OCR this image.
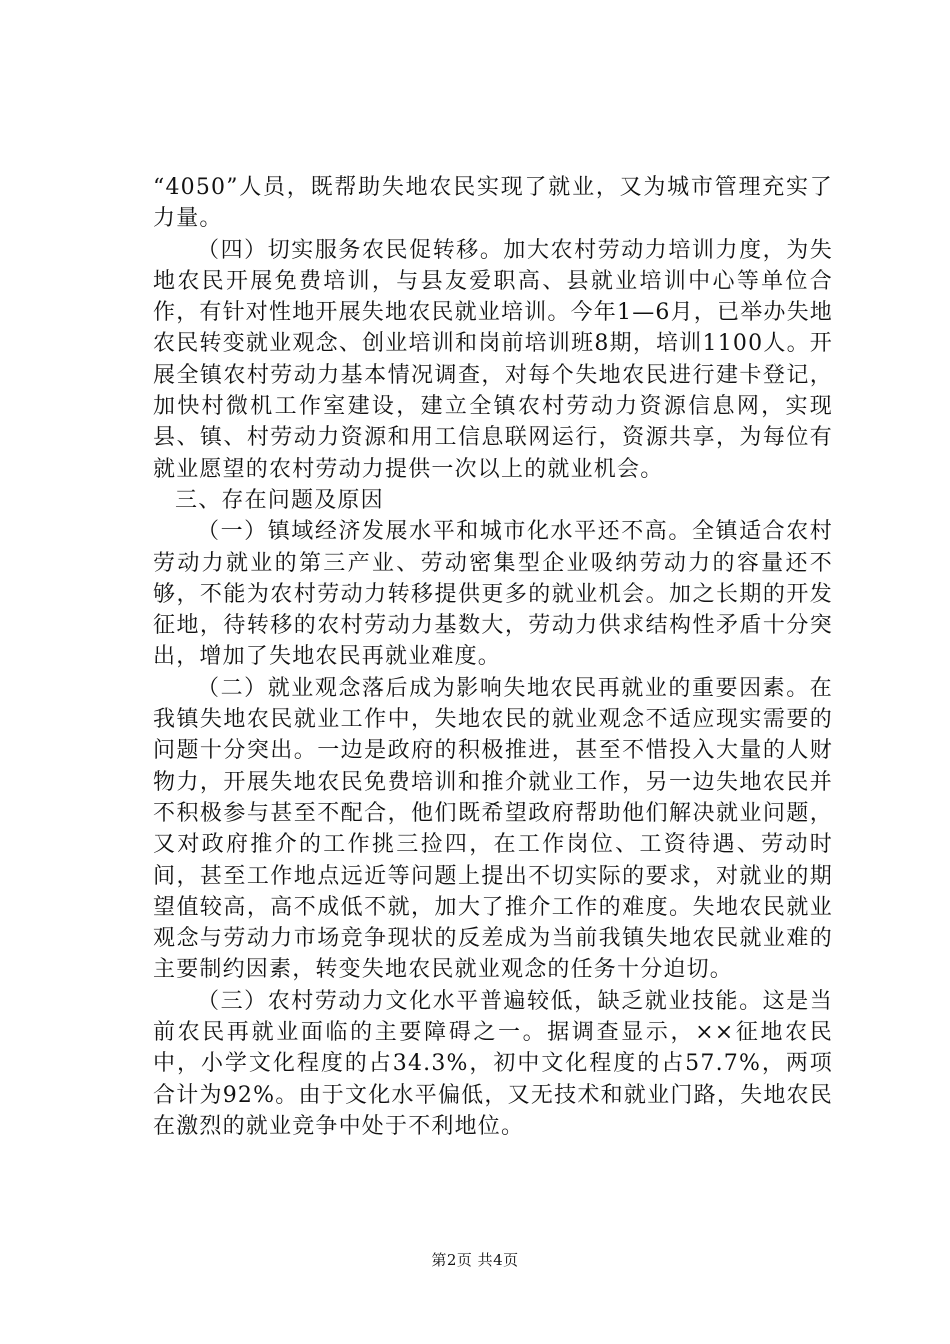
“4050”人员，既帮助失地农民实现了就业，又为城市管理充实了力量。

（四）切实服务农民促转移。加大农村劳动力培训力度，为失地农民开展免费培训，与县友爱职高、县就业培训中心等单位合作，有针对性地开展失地农民就业培训。今年1—6月，已举办失地农民转变就业观念、创业培训和岗前培训班8期，培训1100人。开展全镇农村劳动力基本情况调查，对每个失地农民进行建卡登记，加快村微机工作室建设，建立全镇农村劳动力资源信息网，实现县、镇、村劳动力资源和用工信息联网运行，资源共享，为每位有就业愿望的农村劳动力提供一次以上的就业机会。

三、存在问题及原因

（一）镇域经济发展水平和城市化水平还不高。全镇适合农村劳动力就业的第三产业、劳动密集型企业吸纳劳动力的容量还不够，不能为农村劳动力转移提供更多的就业机会。加之长期的开发征地，待转移的农村劳动力基数大，劳动力供求结构性矛盾十分突出，增加了失地农民再就业难度。

（二）就业观念落后成为影响失地农民再就业的重要因素。在我镇失地农民就业工作中，失地农民的就业观念不适应现实需要的问题十分突出。一边是政府的积极推进，甚至不惜投入大量的人财物力，开展失地农民免费培训和推介就业工作，另一边失地农民并不积极参与甚至不配合，他们既希望政府帮助他们解决就业问题，又对政府推介的工作挑三捡四，在工作岗位、工资待遇、劳动时间，甚至工作地点远近等问题上提出不切实际的要求，对就业的期望值较高，高不成低不就，加大了推介工作的难度。失地农民就业观念与劳动力市场竞争现状的反差成为当前我镇失地农民就业难的主要制约因素，转变失地农民就业观念的任务十分迫切。

（三）农村劳动力文化水平普遍较低，缺乏就业技能。这是当前农民再就业面临的主要障碍之一。据调查显示，××征地农民中，小学文化程度的占34.3%，初中文化程度的占57.7%，两项合计为92%。由于文化水平偏低，又无技术和就业门路，失地农民在激烈的就业竞争中处于不利地位。

第2页 共4页
